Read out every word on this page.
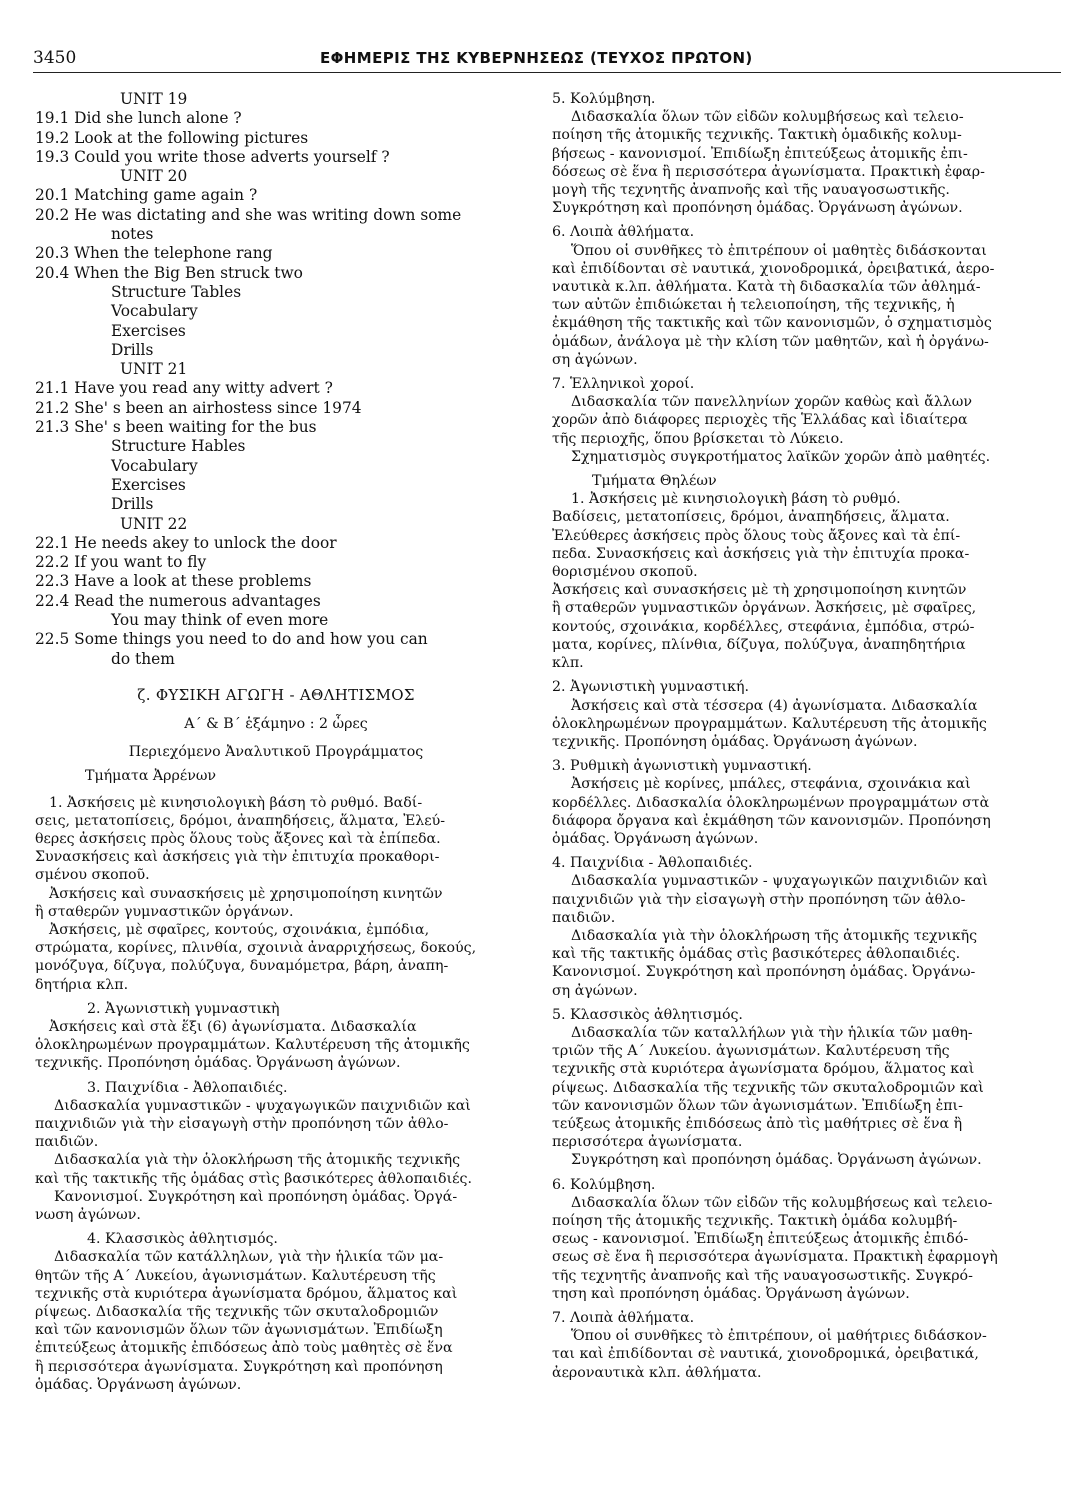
3450	ΕΦΗΜΕΡΙΣ ΤΗΣ ΚΥΒΕΡΝΗΣΕΩΣ (ΤΕΥΧΟΣ ΠΡΩΤΟΝ)
UNIT 19
19.1 Did she lunch alone ?
19.2 Look at the following pictures
19.3 Could you write those adverts yourself ?
UNIT 20
20.1 Matching game again ?
20.2 He was dictating and she was writing down some
notes
20.3 When the telephone rang
20.4 When the Big Ben struck two
Structure Tables
Vocabulary
Exercises
Drills
UNIT 21
21.1 Have you read any witty advert ?
21.2 She' s been an airhostess since 1974
21.3 She' s been waiting for the bus
Structure Hables
Vocabulary
Exercises
Drills
UNIT 22
22.1 He needs akey to unlock the door
22.2 If you want to fly
22.3 Have a look at these problems
22.4 Read the numerous advantages
You may think of even more
22.5 Some things you need to do and how you can
do them
ζ. ΦΥΣΙΚΗ ΑΓΩΓΗ - ΑΘΛΗΤΙΣΜΟΣ
Α΄ & Β΄ ἑξάμηνο : 2 ὧρες
Περιεχόμενο Ἀναλυτικοῦ Προγράμματος
Τμήματα Ἀρρένων
1. Ἀσκήσεις μὲ κινησιολογικὴ βάση τὸ ρυθμό. Βαδί-
σεις, μετατοπίσεις, δρόμοι, ἀναπηδήσεις, ἅλματα, Ἐλεύ-
θερες ἀσκήσεις πρὸς ὅλους τοὺς ἄξονες καὶ τὰ ἐπίπεδα.
Συνασκήσεις καὶ ἀσκήσεις γιὰ τὴν ἐπιτυχία προκαθορι-
σμένου σκοποῦ.
Ἀσκήσεις καὶ συνασκήσεις μὲ χρησιμοποίηση κινητῶν
ἢ σταθερῶν γυμναστικῶν ὀργάνων.
Ἀσκήσεις, μὲ σφαῖρες, κοντούς, σχοινάκια, ἐμπόδια,
στρώματα, κορίνες, πλινθία, σχοινιὰ ἀναρριχήσεως, δοκούς,
μονόζυγα, δίζυγα, πολύζυγα, δυναμόμετρα, βάρη, ἀναπη-
δητήρια κλπ.
2. Ἀγωνιστικὴ γυμναστικὴ
Ἀσκήσεις καὶ στὰ ἕξι (6) ἀγωνίσματα. Διδασκαλία
ὁλοκληρωμένων προγραμμάτων. Καλυτέρευση τῆς ἀτομικῆς
τεχνικῆς. Προπόνηση ὁμάδας. Ὀργάνωση ἀγώνων.
3. Παιχνίδια - Ἀθλοπαιδιές.
Διδασκαλία γυμναστικῶν - ψυχαγωγικῶν παιχνιδιῶν καὶ
παιχνιδιῶν γιὰ τὴν εἰσαγωγὴ στὴν προπόνηση τῶν ἀθλο-
παιδιῶν.
Διδασκαλία γιὰ τὴν ὁλοκλήρωση τῆς ἀτομικῆς τεχνικῆς
καὶ τῆς τακτικῆς τῆς ὁμάδας στὶς βασικότερες ἀθλοπαιδιές.
Κανονισμοί. Συγκρότηση καὶ προπόνηση ὁμάδας. Ὀργά-
νωση ἀγώνων.
4. Κλασσικὸς ἀθλητισμός.
Διδασκαλία τῶν κατάλληλων, γιὰ τὴν ἡλικία τῶν μα-
θητῶν τῆς Α΄ Λυκείου, ἀγωνισμάτων. Καλυτέρευση τῆς
τεχνικῆς στὰ κυριότερα ἀγωνίσματα δρόμου, ἅλματος καὶ
ρίψεως. Διδασκαλία τῆς τεχνικῆς τῶν σκυταλοδρομιῶν
καὶ τῶν κανονισμῶν ὅλων τῶν ἀγωνισμάτων. Ἐπιδίωξη
ἐπιτεύξεως ἀτομικῆς ἐπιδόσεως ἀπὸ τοὺς μαθητὲς σὲ ἕνα
ἢ περισσότερα ἀγωνίσματα. Συγκρότηση καὶ προπόνηση
ὁμάδας. Ὀργάνωση ἀγώνων.
5. Κολύμβηση.
Διδασκαλία ὅλων τῶν εἰδῶν κολυμβήσεως καὶ τελειο-
ποίηση τῆς ἀτομικῆς τεχνικῆς. Τακτικὴ ὁμαδικῆς κολυμ-
βήσεως - κανονισμοί. Ἐπιδίωξη ἐπιτεύξεως ἀτομικῆς ἐπι-
δόσεως σὲ ἕνα ἢ περισσότερα ἀγωνίσματα. Πρακτικὴ ἐφαρ-
μογὴ τῆς τεχνητῆς ἀναπνοῆς καὶ τῆς ναυαγοσωστικῆς.
Συγκρότηση καὶ προπόνηση ὁμάδας. Ὀργάνωση ἀγώνων.
6. Λοιπὰ ἀθλήματα.
Ὅπου οἱ συνθῆκες τὸ ἐπιτρέπουν οἱ μαθητὲς διδάσκονται
καὶ ἐπιδίδονται σὲ ναυτικά, χιονοδρομικά, ὀρειβατικά, ἀερο-
ναυτικὰ κ.λπ. ἀθλήματα. Κατὰ τὴ διδασκαλία τῶν ἀθλημά-
των αὐτῶν ἐπιδιώκεται ἡ τελειοποίηση, τῆς τεχνικῆς, ἡ
ἐκμάθηση τῆς τακτικῆς καὶ τῶν κανονισμῶν, ὁ σχηματισμὸς
ὁμάδων, ἀνάλογα μὲ τὴν κλίση τῶν μαθητῶν, καὶ ἡ ὀργάνω-
ση ἀγώνων.
7. Ἑλληνικοὶ χοροί.
Διδασκαλία τῶν πανελληνίων χορῶν καθὼς καὶ ἄλλων
χορῶν ἀπὸ διάφορες περιοχὲς τῆς Ἑλλάδας καὶ ἰδιαίτερα
τῆς περιοχῆς, ὅπου βρίσκεται τὸ Λύκειο.
Σχηματισμὸς συγκροτήματος λαϊκῶν χορῶν ἀπὸ μαθητές.
Τμήματα Θηλέων
1. Ἀσκήσεις μὲ κινησιολογικὴ βάση τὸ ρυθμό.
Βαδίσεις, μετατοπίσεις, δρόμοι, ἀναπηδήσεις, ἅλματα.
Ἐλεύθερες ἀσκήσεις πρὸς ὅλους τοὺς ἄξονες καὶ τὰ ἐπί-
πεδα. Συνασκήσεις καὶ ἀσκήσεις γιὰ τὴν ἐπιτυχία προκα-
θορισμένου σκοποῦ.
Ἀσκήσεις καὶ συνασκήσεις μὲ τὴ χρησιμοποίηση κινητῶν
ἢ σταθερῶν γυμναστικῶν ὀργάνων. Ἀσκήσεις, μὲ σφαῖρες,
κοντούς, σχοινάκια, κορδέλλες, στεφάνια, ἐμπόδια, στρώ-
ματα, κορίνες, πλίνθια, δίζυγα, πολύζυγα, ἀναπηδητήρια
κλπ.
2. Ἀγωνιστικὴ γυμναστική.
Ἀσκήσεις καὶ στὰ τέσσερα (4) ἀγωνίσματα. Διδασκαλία
ὁλοκληρωμένων προγραμμάτων. Καλυτέρευση τῆς ἀτομικῆς
τεχνικῆς. Προπόνηση ὁμάδας. Ὀργάνωση ἀγώνων.
3. Ρυθμικὴ ἀγωνιστικὴ γυμναστική.
Ἀσκήσεις μὲ κορίνες, μπάλες, στεφάνια, σχοινάκια καὶ
κορδέλλες. Διδασκαλία ὁλοκληρωμένων προγραμμάτων στὰ
διάφορα ὄργανα καὶ ἐκμάθηση τῶν κανονισμῶν. Προπόνηση
ὁμάδας. Ὀργάνωση ἀγώνων.
4. Παιχνίδια - Ἀθλοπαιδιές.
Διδασκαλία γυμναστικῶν - ψυχαγωγικῶν παιχνιδιῶν καὶ
παιχνιδιῶν γιὰ τὴν εἰσαγωγὴ στὴν προπόνηση τῶν ἀθλο-
παιδιῶν.
Διδασκαλία γιὰ τὴν ὁλοκλήρωση τῆς ἀτομικῆς τεχνικῆς
καὶ τῆς τακτικῆς ὁμάδας στὶς βασικότερες ἀθλοπαιδιές.
Κανονισμοί. Συγκρότηση καὶ προπόνηση ὁμάδας. Ὀργάνω-
ση ἀγώνων.
5. Κλασσικὸς ἀθλητισμός.
Διδασκαλία τῶν καταλλήλων γιὰ τὴν ἡλικία τῶν μαθη-
τριῶν τῆς Α΄ Λυκείου. ἀγωνισμάτων. Καλυτέρευση τῆς
τεχνικῆς στὰ κυριότερα ἀγωνίσματα δρόμου, ἅλματος καὶ
ρίψεως. Διδασκαλία τῆς τεχνικῆς τῶν σκυταλοδρομιῶν καὶ
τῶν κανονισμῶν ὅλων τῶν ἀγωνισμάτων. Ἐπιδίωξη ἐπι-
τεύξεως ἀτομικῆς ἐπιδόσεως ἀπὸ τὶς μαθήτριες σὲ ἕνα ἢ
περισσότερα ἀγωνίσματα.
Συγκρότηση καὶ προπόνηση ὁμάδας. Ὀργάνωση ἀγώνων.
6. Κολύμβηση.
Διδασκαλία ὅλων τῶν εἰδῶν τῆς κολυμβήσεως καὶ τελειο-
ποίηση τῆς ἀτομικῆς τεχνικῆς. Τακτικὴ ὁμάδα κολυμβή-
σεως - κανονισμοί. Ἐπιδίωξη ἐπιτεύξεως ἀτομικῆς ἐπιδό-
σεως σὲ ἕνα ἢ περισσότερα ἀγωνίσματα. Πρακτικὴ ἐφαρμογὴ
τῆς τεχνητῆς ἀναπνοῆς καὶ τῆς ναυαγοσωστικῆς. Συγκρό-
τηση καὶ προπόνηση ὁμάδας. Ὀργάνωση ἀγώνων.
7. Λοιπὰ ἀθλήματα.
Ὅπου οἱ συνθῆκες τὸ ἐπιτρέπουν, οἱ μαθήτριες διδάσκον-
ται καὶ ἐπιδίδονται σὲ ναυτικά, χιονοδρομικά, ὀρειβατικά,
ἀεροναυτικὰ κλπ. ἀθλήματα.
